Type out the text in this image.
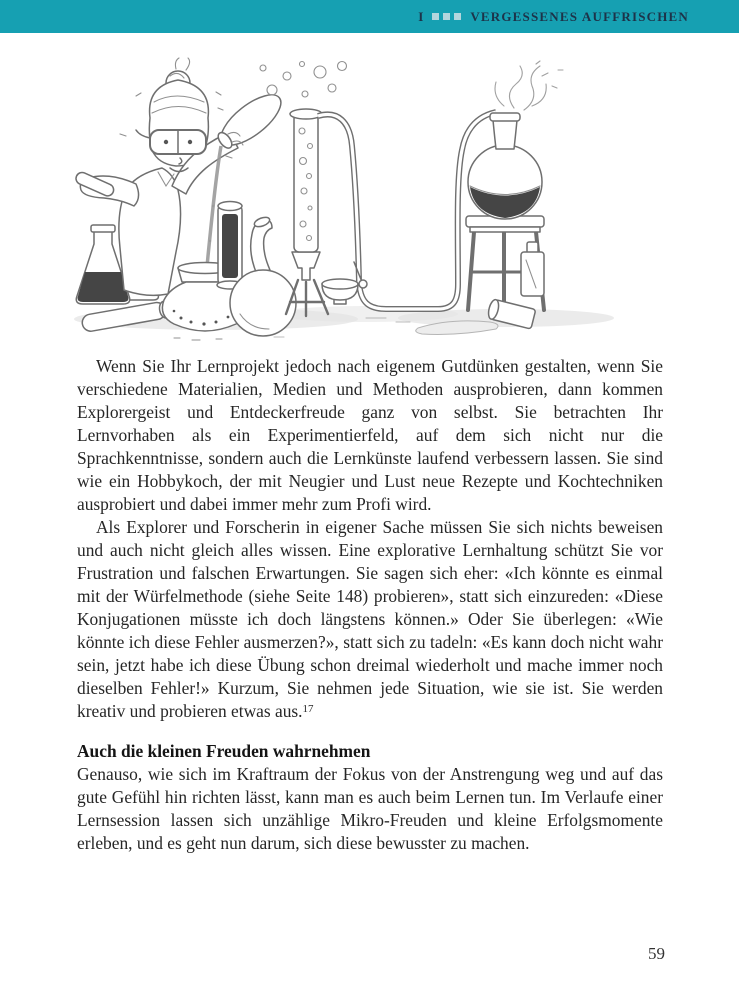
I	VERGESSENES AUFFRISCHEN

Wenn Sie Ihr Lernprojekt jedoch nach eigenem Gutdünken gestalten, wenn Sie verschiedene Materialien, Medien und Methoden ausprobieren, dann kommen Explorergeist und Entdeckerfreude ganz von selbst. Sie betrachten Ihr Lernvorhaben als ein Experimentierfeld, auf dem sich nicht nur die Sprachkenntnisse, sondern auch die Lernkünste laufend verbessern lassen. Sie sind wie ein Hobbykoch, der mit Neugier und Lust neue Rezepte und Kochtechniken ausprobiert und dabei immer mehr zum Profi wird.

Als Explorer und Forscherin in eigener Sache müssen Sie sich nichts beweisen und auch nicht gleich alles wissen. Eine explorative Lernhaltung schützt Sie vor Frustration und falschen Erwartungen. Sie sagen sich eher: «Ich könnte es einmal mit der Würfelmethode (siehe Seite 148) probieren», statt sich einzureden: «Diese Konjugationen müsste ich doch längstens können.» Oder Sie überlegen: «Wie könnte ich diese Fehler ausmerzen?», statt sich zu tadeln: «Es kann doch nicht wahr sein, jetzt habe ich diese Übung schon dreimal wiederholt und mache immer noch dieselben Fehler!» Kurzum, Sie nehmen jede Situation, wie sie ist. Sie werden kreativ und probieren etwas aus.$^{17}$

Auch die kleinen Freuden wahrnehmen

Genauso, wie sich im Kraftraum der Fokus von der Anstrengung weg und auf das gute Gefühl hin richten lässt, kann man es auch beim Lernen tun. Im Verlaufe einer Lernsession lassen sich unzählige Mikro-Freuden und kleine Erfolgsmomente erleben, und es geht nun darum, sich diese bewusster zu machen.

59
